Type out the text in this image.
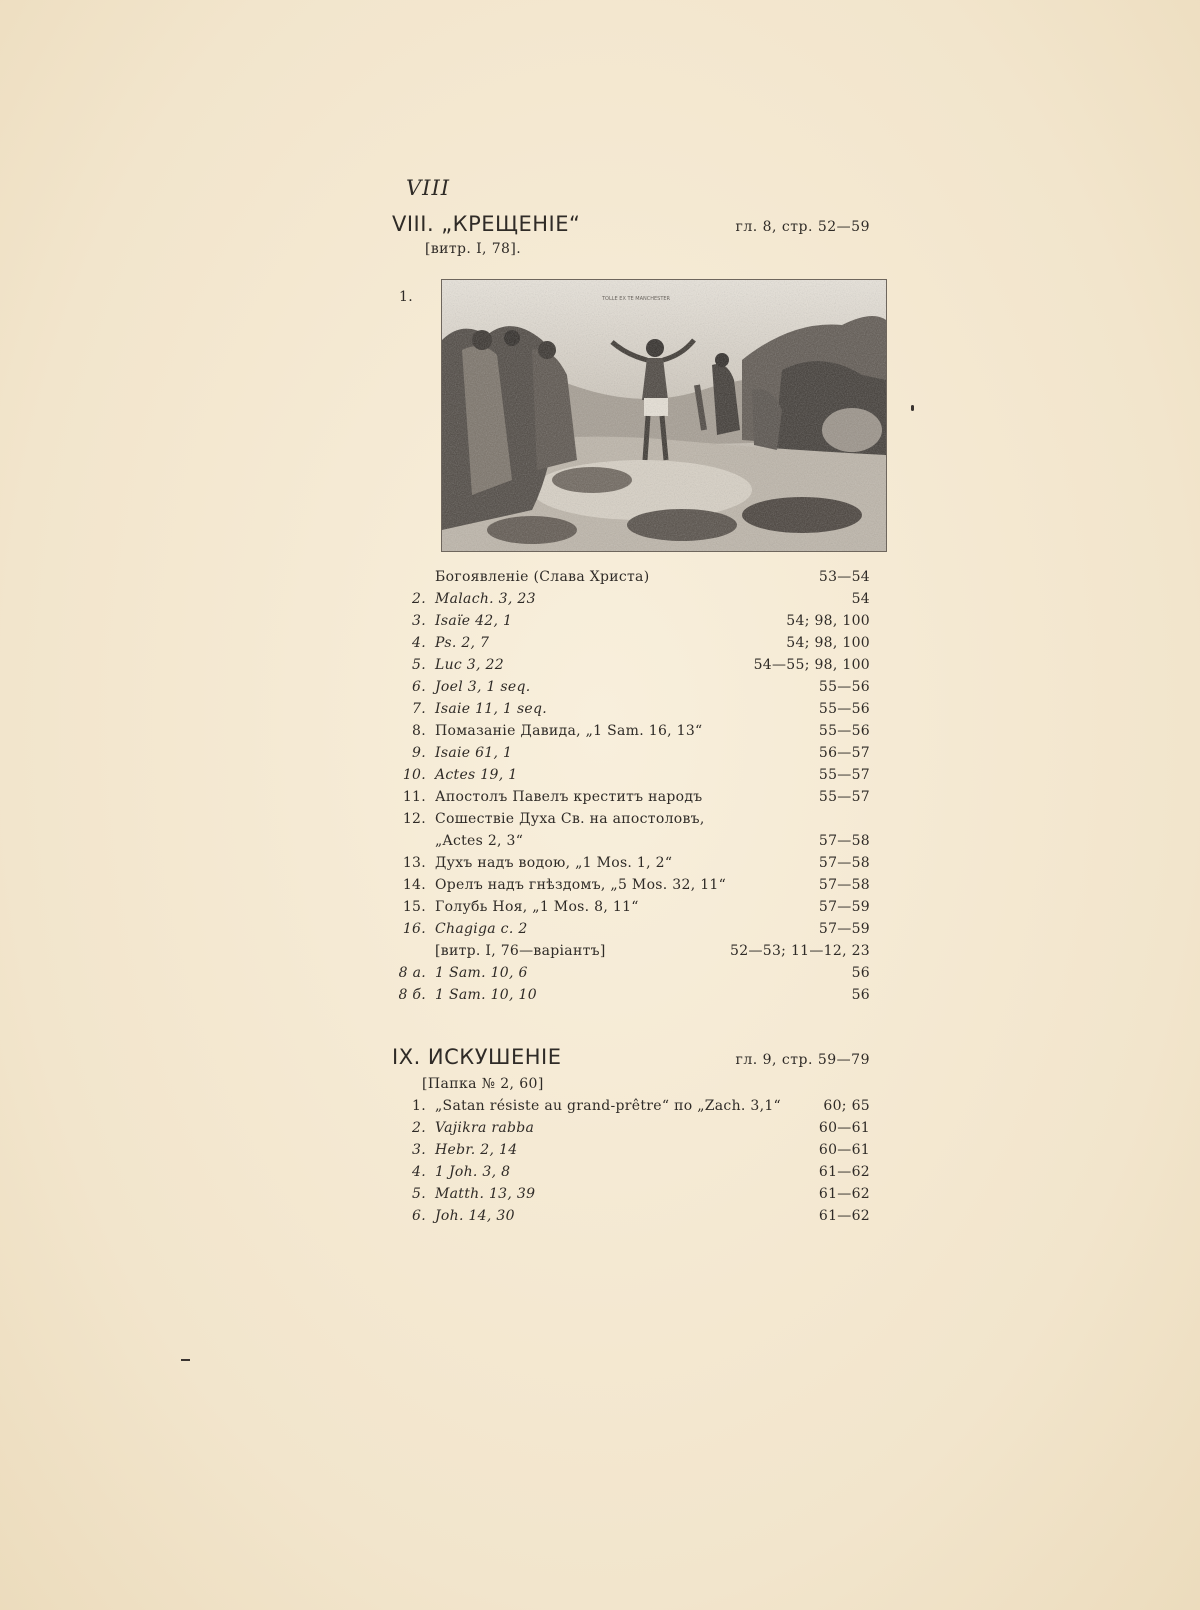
VIII
VIII. „КРЕЩЕНІЕ“	гл. 8, стр. 52—59
[витр. I, 78].
1.
Богоявленіе (Слава Христа)	53—54
2. Malach. 3, 23	54
3. Isaïe 42, 1	54; 98, 100
4. Ps. 2, 7	54; 98, 100
5. Luc 3, 22	54—55; 98, 100
6. Joel 3, 1 seq.	55—56
7. Isaie 11, 1 seq.	55—56
8. Помазаніе Давида, „1 Sam. 16, 13“	55—56
9. Isaie 61, 1	56—57
10. Actes 19, 1	55—57
11. Апостолъ Павелъ креститъ народъ	55—57
12. Сошествіе Духа Св. на апостоловъ,
„Actes 2, 3“	57—58
13. Духъ надъ водою, „1 Mos. 1, 2“	57—58
14. Орелъ надъ гнѣздомъ, „5 Mos. 32, 11“	57—58
15. Голубь Ноя, „1 Mos. 8, 11“	57—59
16. Chagiga c. 2	57—59
[витр. I, 76—варіантъ]	52—53; 11—12, 23
8 а. 1 Sam. 10, 6	56
8 б. 1 Sam. 10, 10	56
IX. ИСКУШЕНІЕ	гл. 9, стр. 59—79
[Папка № 2, 60]
1. „Satan résiste au grand-prêtre“ по „Zach. 3,1“	60; 65
2. Vajikra rabba	60—61
3. Hebr. 2, 14	60—61
4. 1 Joh. 3, 8	61—62
5. Matth. 13, 39	61—62
6. Joh. 14, 30	61—62
